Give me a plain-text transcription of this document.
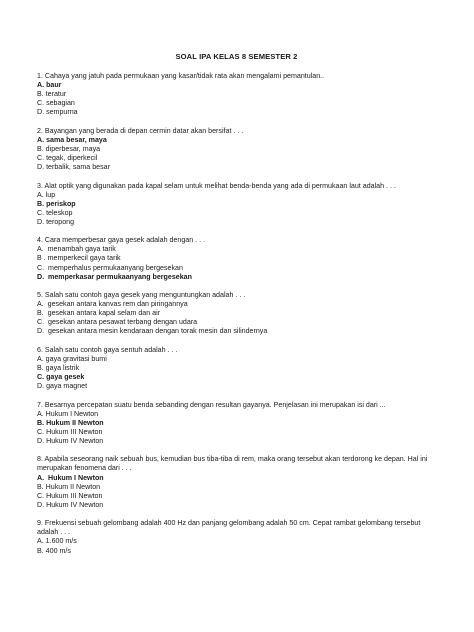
SOAL IPA KELAS 8 SEMESTER 2
1. Cahaya yang jatuh pada permukaan yang kasar/tidak rata akan mengalami pemantulan..
A. baur
B. teratur
C. sebagian
D. sempurna
2. Bayangan yang berada di depan cermin datar akan bersifat . . .
A. sama besar, maya
B. diperbesar, maya
C. tegak, diperkecil
D. terbalik, sama besar
3. Alat optik yang digunakan pada kapal selam untuk melihat benda-benda yang ada di permukaan laut adalah . . .
A. lup
B. periskop
C. teleskop
D. teropong
4. Cara memperbesar gaya gesek adalah dengan . . .
A.  menambah gaya tarik
B . memperkecil gaya tarik
C.  memperhalus permukaanyang bergesekan
D.  memperkasar permukaanyang bergesekan
5. Salah satu contoh gaya gesek yang menguntungkan adalah . . .
A.  gesekan antara kanvas rem dan piringannya
B.  gesekan antara kapal selam dan air
C.  gesekan antara pesawat terbang dengan udara
D.  gesekan antara mesin kendaraan dengan torak mesin dan silindernya
6. Salah satu contoh gaya sentuh adalah . . .
A. gaya gravitasi bumi
B. gaya listrik
C. gaya gesek
D. gaya magnet
7. Besarnya percepatan suatu benda sebanding dengan resultan gayanya. Penjelasan ini merupakan isi dari ...
A. Hukum I Newton
B. Hukum II Newton
C. Hukum III Newton
D. Hukum IV Newton
8. Apabila seseorang naik sebuah bus, kemudian bus tiba-tiba di rem, maka orang tersebut akan terdorong ke depan. Hal ini
merupakan fenomena dari . . .
A.  Hukum I Newton
B. Hukum II Newton
C. Hukum III Newton
D. Hukum IV Newton
9. Frekuensi sebuah gelombang adalah 400 Hz dan panjang gelombang adalah 50 cm. Cepat rambat gelombang tersebut
adalah . . .
A. 1.600 m/s
B. 400 m/s
